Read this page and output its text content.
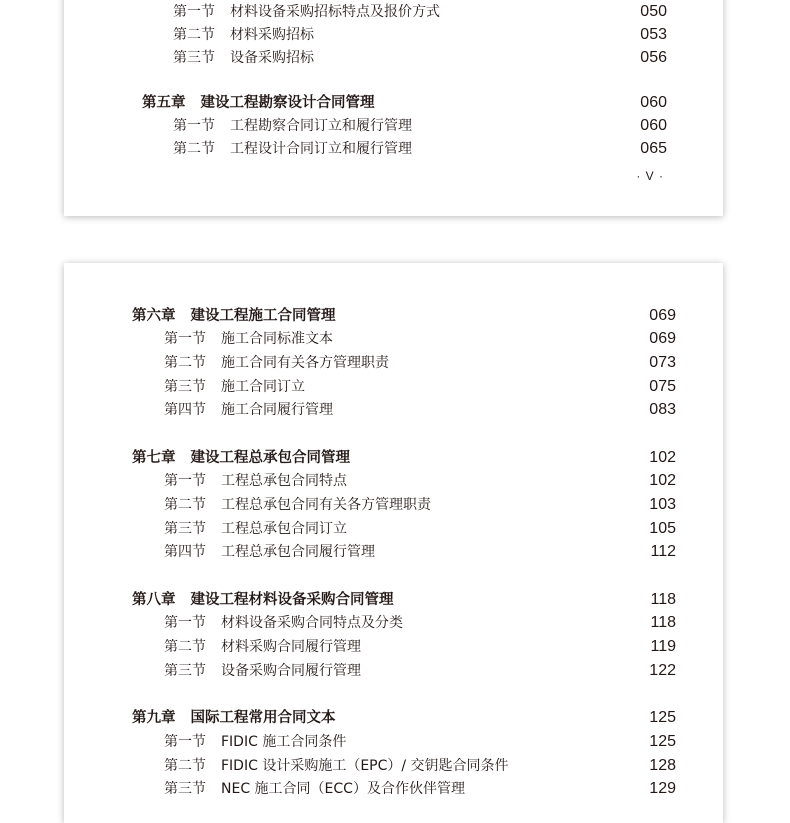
第一节 材料设备采购招标特点及报价方式	050
第二节 材料采购招标	053
第三节 设备采购招标	056
第五章 建设工程勘察设计合同管理	060
第一节 工程勘察合同订立和履行管理	060
第二节 工程设计合同订立和履行管理	065
· V ·
第六章 建设工程施工合同管理	069
第一节 施工合同标准文本	069
第二节 施工合同有关各方管理职责	073
第三节 施工合同订立	075
第四节 施工合同履行管理	083
第七章 建设工程总承包合同管理	102
第一节 工程总承包合同特点	102
第二节 工程总承包合同有关各方管理职责	103
第三节 工程总承包合同订立	105
第四节 工程总承包合同履行管理	112
第八章 建设工程材料设备采购合同管理	118
第一节 材料设备采购合同特点及分类	118
第二节 材料采购合同履行管理	119
第三节 设备采购合同履行管理	122
第九章 国际工程常用合同文本	125
第一节 FIDIC 施工合同条件	125
第二节 FIDIC 设计采购施工（EPC）/ 交钥匙合同条件	128
第三节 NEC 施工合同（ECC）及合作伙伴管理	129
